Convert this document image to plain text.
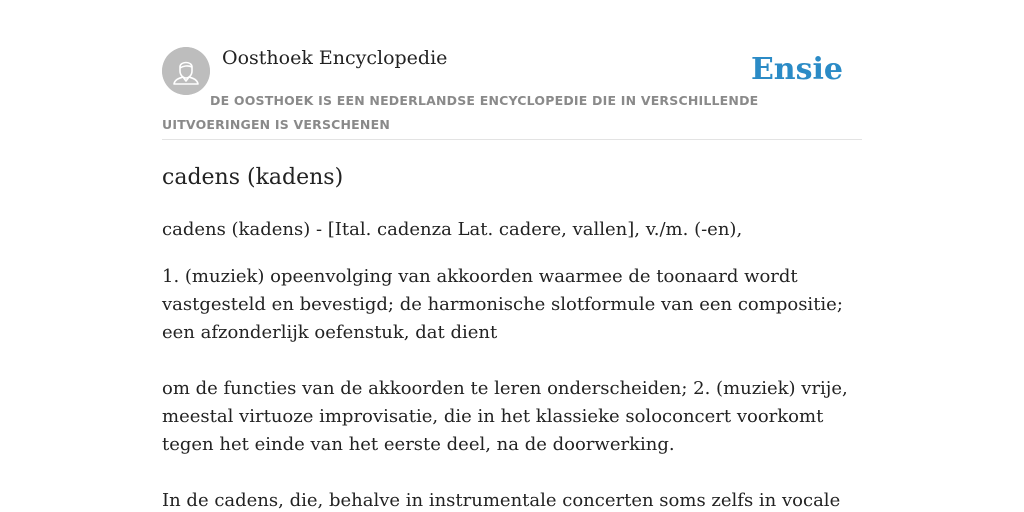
Oosthoek Encyclopedie	Ensie
DE OOSTHOEK IS EEN NEDERLANDSE ENCYCLOPEDIE DIE IN VERSCHILLENDE UITVOERINGEN IS VERSCHENEN
cadens (kadens)

cadens (kadens) - [Ital. cadenza Lat. cadere, vallen], v./m. (-en),

1. (muziek) opeenvolging van akkoorden waarmee de toonaard wordt vastgesteld en bevestigd; de harmonische slotformule van een compositie; een afzonderlijk oefenstuk, dat dient

om de functies van de akkoorden te leren onderscheiden; 2. (muziek) vrije, meestal virtuoze improvisatie, die in het klassieke soloconcert voorkomt tegen het einde van het eerste deel, na de doorwerking.

In de cadens, die, behalve in instrumentale concerten soms zelfs in vocale
